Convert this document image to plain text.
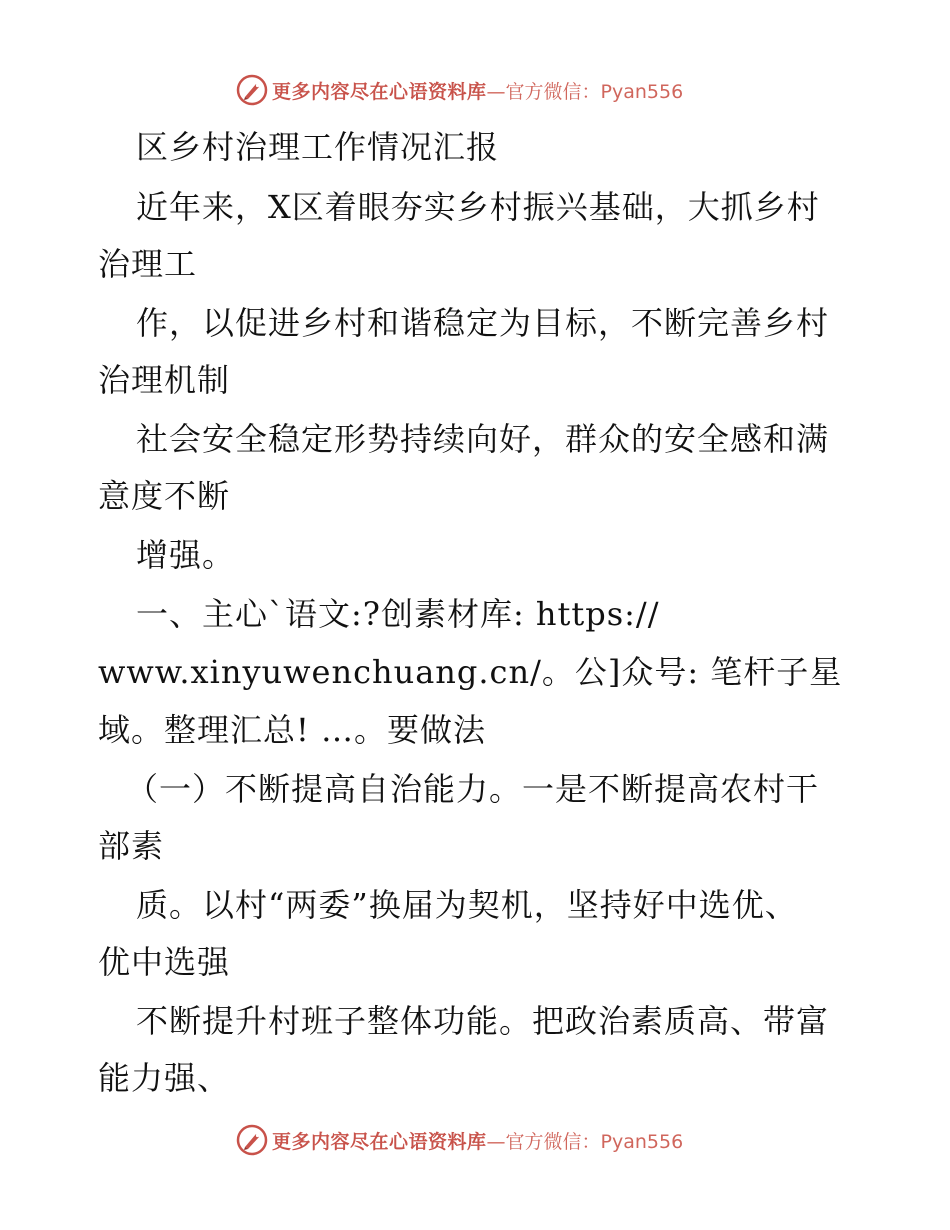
更多内容尽在心语资料库 —官方微信：Pyan556
区乡村治理工作情况汇报
近年来，X区着眼夯实乡村振兴基础，大抓乡村
治理工
作，以促进乡村和谐稳定为目标，不断完善乡村
治理机制
社会安全稳定形势持续向好，群众的安全感和满
意度不断
增强。
一、主心`语文:?创素材库: https://
www.xinyuwenchuang.cn/。公]众号: 笔杆子星
域。整理汇总! …。要做法
（一）不断提高自治能力。一是不断提高农村干
部素
质。以村“两委”换届为契机，坚持好中选优、
优中选强
不断提升村班子整体功能。把政治素质高、带富
能力强、
更多内容尽在心语资料库 —官方微信：Pyan556
